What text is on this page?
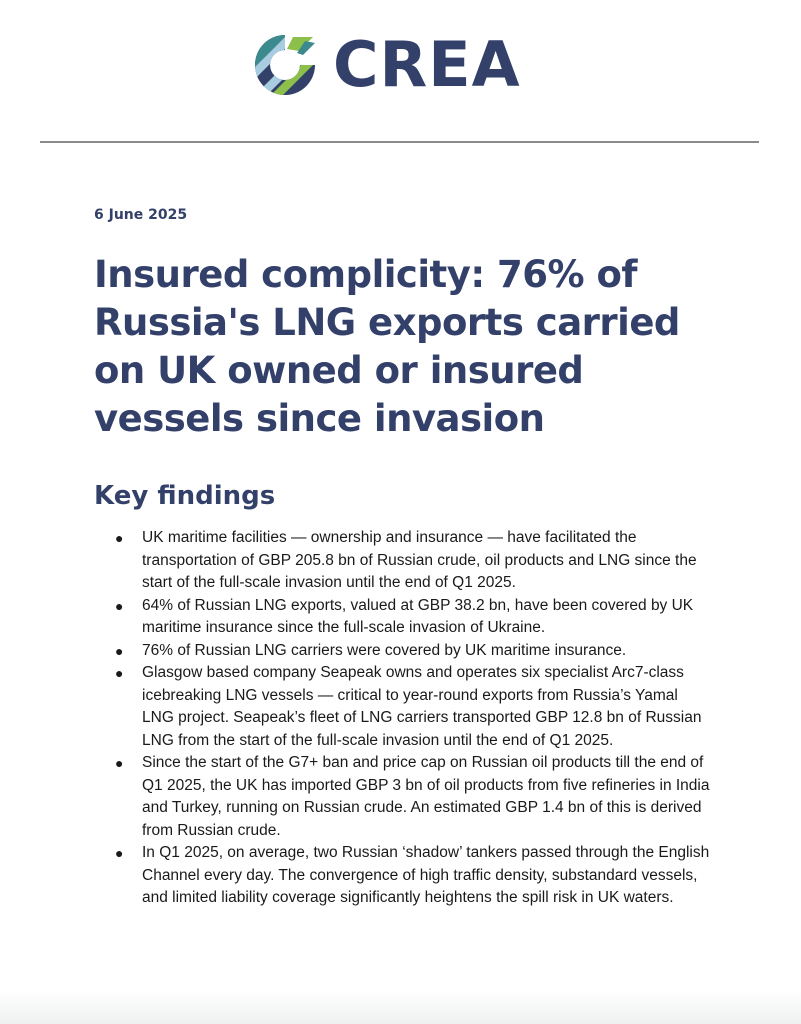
CREA
6 June 2025
Insured complicity: 76% of Russia's LNG exports carried on UK owned or insured vessels since invasion
Key findings
● UK maritime facilities — ownership and insurance — have facilitated the transportation of GBP 205.8 bn of Russian crude, oil products and LNG since the start of the full-scale invasion until the end of Q1 2025.
● 64% of Russian LNG exports, valued at GBP 38.2 bn, have been covered by UK maritime insurance since the full-scale invasion of Ukraine.
● 76% of Russian LNG carriers were covered by UK maritime insurance.
● Glasgow based company Seapeak owns and operates six specialist Arc7-class icebreaking LNG vessels — critical to year-round exports from Russia’s Yamal LNG project. Seapeak’s fleet of LNG carriers transported GBP 12.8 bn of Russian LNG from the start of the full-scale invasion until the end of Q1 2025.
● Since the start of the G7+ ban and price cap on Russian oil products till the end of Q1 2025, the UK has imported GBP 3 bn of oil products from five refineries in India and Turkey, running on Russian crude. An estimated GBP 1.4 bn of this is derived from Russian crude.
● In Q1 2025, on average, two Russian ‘shadow’ tankers passed through the English Channel every day. The convergence of high traffic density, substandard vessels, and limited liability coverage significantly heightens the spill risk in UK waters.
